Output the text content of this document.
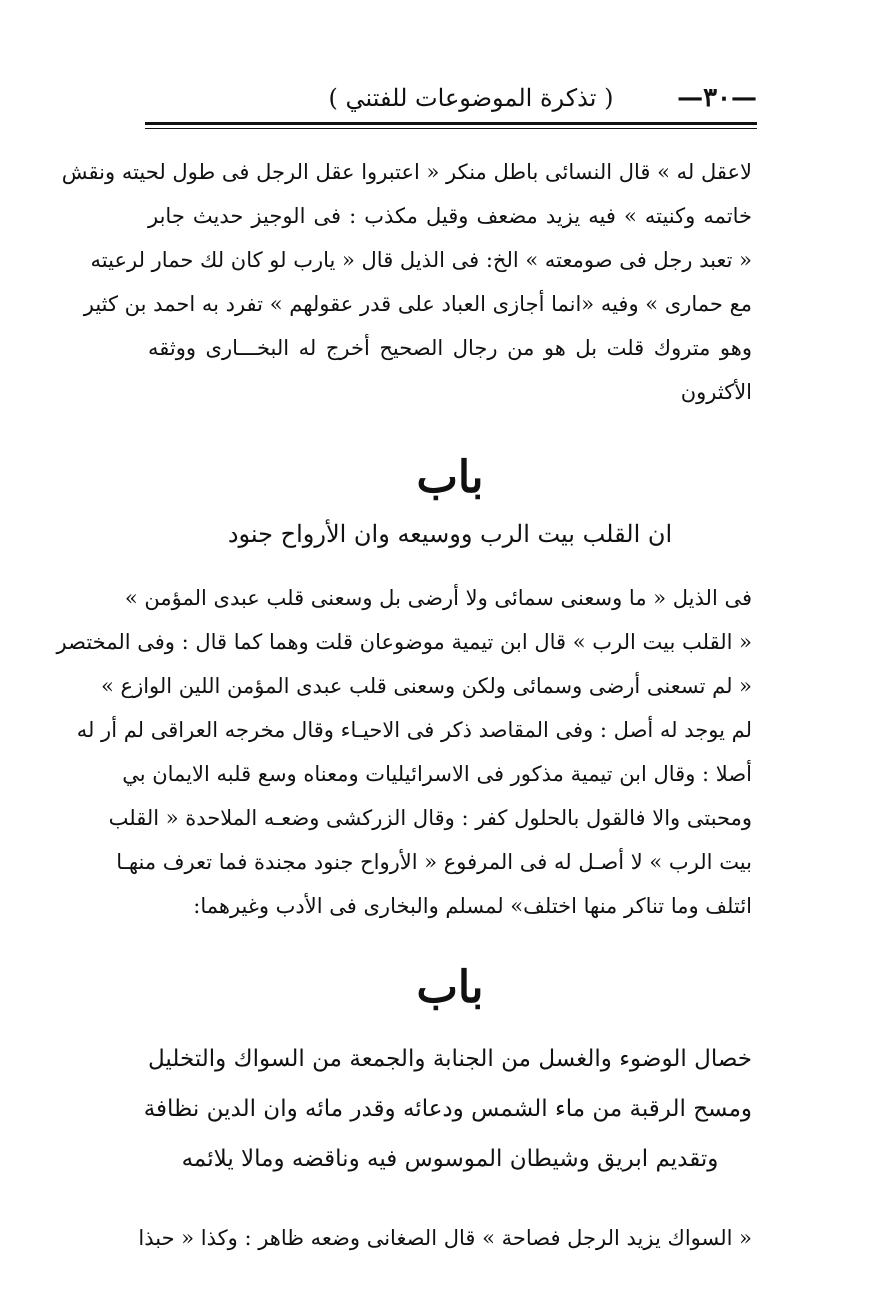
—٣٠—
( تذكرة الموضوعات للفتني )
لاعقل له » قال النسائى باطل منكر « اعتبروا عقل الرجل فى طول لحيته ونقش
خاتمه وكنيته » فيه يزيد مضعف وقيل مكذب : فى الوجيز حديث جابر
« تعبد رجل فى صومعته » الخ: فى الذيل قال « يارب لو كان لك حمار لرعيته
مع حمارى » وفيه «انما أجازى العباد على قدر عقولهم » تفرد به احمد بن كثير
وهو متروك قلت بل هو من رجال الصحيح أخرج له البخـــارى ووثقه
الأكثرون
باب
ان القلب بيت الرب ووسيعه وان الأرواح جنود
فى الذيل « ما وسعنى سمائى ولا أرضى بل وسعنى قلب عبدى المؤمن »
« القلب بيت الرب » قال ابن تيمية موضوعان قلت وهما كما قال : وفى المختصر
« لم تسعنى أرضى وسمائى ولكن وسعنى قلب عبدى المؤمن اللين الوازع »
لم يوجد له أصل : وفى المقاصد ذكر فى الاحيـاء وقال مخرجه العراقى لم أر له
أصلا : وقال ابن تيمية مذكور فى الاسرائيليات ومعناه وسع قلبه الايمان بي
ومحبتى والا فالقول بالحلول كفر : وقال الزركشى وضعـه الملاحدة « القلب
بيت الرب » لا أصـل له فى المرفوع « الأرواح جنود مجندة فما تعرف منهـا
ائتلف وما تناكر منها اختلف» لمسلم والبخارى فى الأدب وغيرهما:
باب
خصال الوضوء والغسل من الجنابة والجمعة من السواك والتخليل
ومسح الرقبة من ماء الشمس ودعائه وقدر مائه وان الدين نظافة
وتقديم ابريق وشيطان الموسوس فيه وناقضه ومالا يلائمه
« السواك يزيد الرجل فصاحة » قال الصغانى وضعه ظاهر : وكذا « حبذا
